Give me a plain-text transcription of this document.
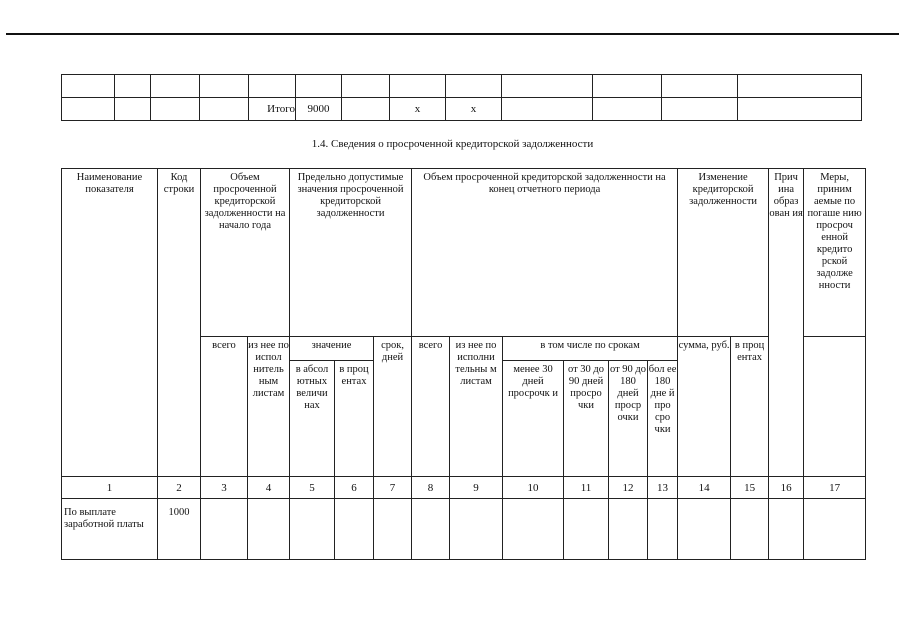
				Итого	9000		x	x				
1.4. Сведения о просроченной кредиторской задолженности
Наименование показателя	Код строки	Объем просроченной кредиторской задолженности на начало года		Предельно допустимые значения просроченной кредиторской задолженности			Объем просроченной кредиторской задолженности на конец отчетного периода						Изменение кредиторской задолженности		Прич ина образ ован ия	Меры, приним аемые по погаше нию просроч енной кредито рской задолже нности
		всего	из нее по испол нитель ным листам	значение		срок, дней	всего	из нее по исполни тельны м листам	в том числе по срокам				сумма, руб.	в проц ентах		
				в абсол ютных величи нах	в проц ентах				менее 30 дней просрочк и	от 30 до 90 дней просро чки	от 90 до 180 дней проср очки	бол ее 180 дне й про сро чки				
1	2	3	4	5	6	7	8	9	10	11	12	13	14	15	16	17
По выплате заработной платы	1000															
